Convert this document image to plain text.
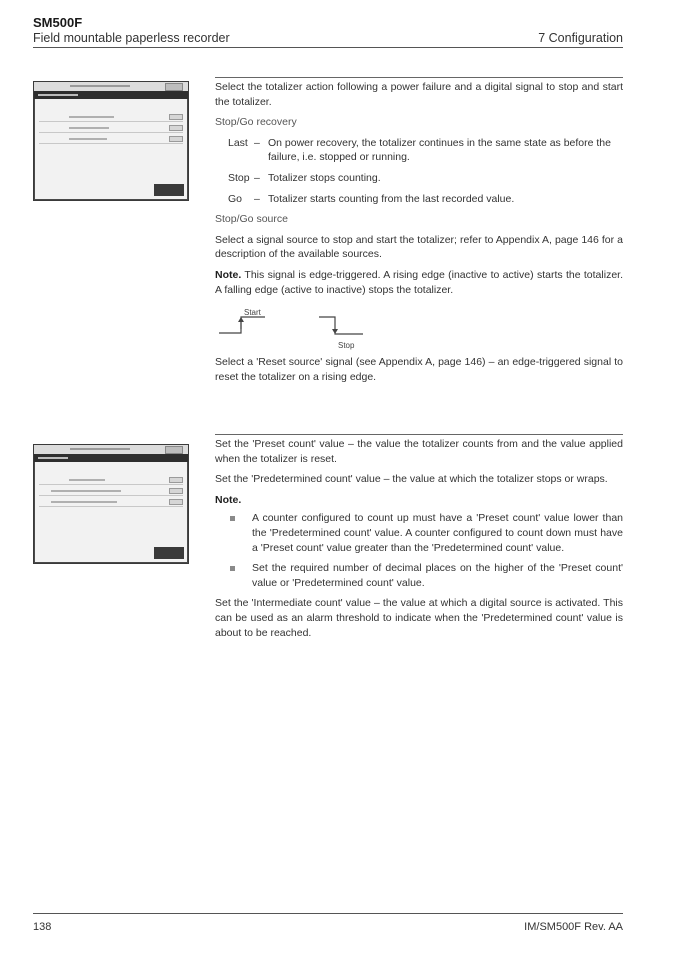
SM500F
Field mountable paperless recorder	7 Configuration

Select the totalizer action following a power failure and a digital signal to stop and start the totalizer.

Stop/Go recovery
Last – On power recovery, the totalizer continues in the same state as before the failure, i.e. stopped or running.
Stop – Totalizer stops counting.
Go	– Totalizer starts counting from the last recorded value.
Stop/Go source

Select a signal source to stop and start the totalizer; refer to Appendix A, page 146 for a description of the available sources.

Note. This signal is edge-triggered. A rising edge (inactive to active) starts the totalizer. A falling edge (active to inactive) stops the totalizer.

Start
Stop

Select a 'Reset source' signal (see Appendix A, page 146) – an edge-triggered signal to reset the totalizer on a rising edge.

Set the 'Preset count' value – the value the totalizer counts from and the value applied when the totalizer is reset.

Set the 'Predetermined count' value – the value at which the totalizer stops or wraps.

Note.
A counter configured to count up must have a 'Preset count' value lower than the 'Predetermined count' value. A counter configured to count down must have a 'Preset count' value greater than the 'Predetermined count' value.
Set the required number of decimal places on the higher of the 'Preset count' value or 'Predetermined count' value.

Set the 'Intermediate count' value – the value at which a digital source is activated. This can be used as an alarm threshold to indicate when the 'Predetermined count' value is about to be reached.

138	IM/SM500F Rev. AA
